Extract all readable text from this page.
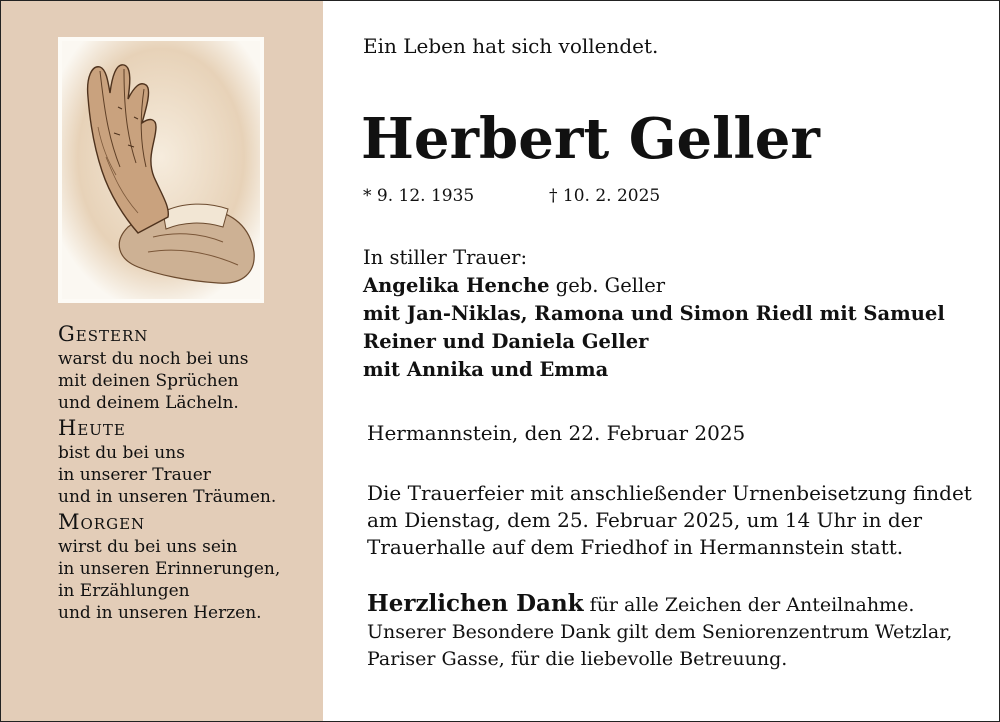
Gestern
warst du noch bei uns
mit deinen Sprüchen
und deinem Lächeln.
Heute
bist du bei uns
in unserer Trauer
und in unseren Träumen.
Morgen
wirst du bei uns sein
in unseren Erinnerungen,
in Erzählungen
und in unseren Herzen.
Ein Leben hat sich vollendet.
Herbert Geller
* 9. 12. 1935	† 10. 2. 2025
In stiller Trauer:
Angelika Henche geb. Geller
mit Jan-Niklas, Ramona und Simon Riedl mit Samuel
Reiner und Daniela Geller
mit Annika und Emma
Hermannstein, den 22. Februar 2025
Die Trauerfeier mit anschließender Urnenbeisetzung findet
am Dienstag, dem 25. Februar 2025, um 14 Uhr in der
Trauerhalle auf dem Friedhof in Hermannstein statt.
Herzlichen Dank für alle Zeichen der Anteilnahme.
Unserer Besondere Dank gilt dem Seniorenzentrum Wetzlar,
Pariser Gasse, für die liebevolle Betreuung.
